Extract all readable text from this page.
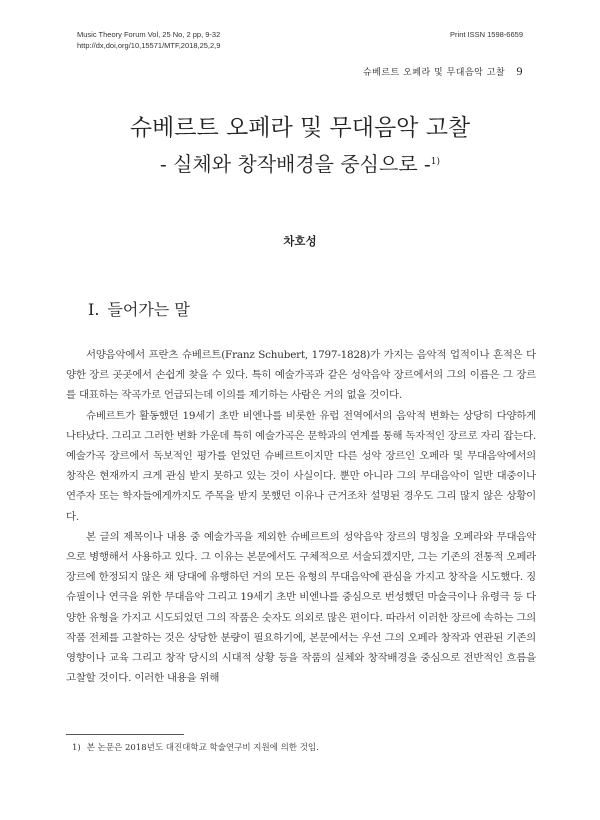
Music Theory Forum Vol, 25 No, 2 pp, 9-32
http://dx,doi,org/10,15571/MTF,2018,25,2,9
Print ISSN 1598-6659
슈베르트 오페라 및 무대음악 고찰 9
슈베르트 오페라 및 무대음악 고찰
- 실체와 창작배경을 중심으로 -$^{1)}$
차호성
I. 들어가는 말

서양음악에서 프란츠 슈베르트(Franz Schubert, 1797-1828)가 가지는 음악적 업적이나 흔적은 다양한 장르 곳곳에서 손쉽게 찾을 수 있다. 특히 예술가곡과 같은 성악음악 장르에서의 그의 이름은 그 장르를 대표하는 작곡가로 언급되는데 이의를 제기하는 사람은 거의 없을 것이다.

슈베르트가 활동했던 19세기 초반 비엔나를 비롯한 유럽 전역에서의 음악적 변화는 상당히 다양하게 나타났다. 그리고 그러한 변화 가운데 특히 예술가곡은 문학과의 연계를 통해 독자적인 장르로 자리 잡는다. 예술가곡 장르에서 독보적인 평가를 얻었던 슈베르트이지만 다른 성악 장르인 오페라 및 무대음악에서의 창작은 현재까지 크게 관심 받지 못하고 있는 것이 사실이다. 뿐만 아니라 그의 무대음악이 일반 대중이나 연주자 또는 학자들에게까지도 주목을 받지 못했던 이유나 근거조차 설명된 경우도 그리 많지 않은 상황이다.

본 글의 제목이나 내용 중 예술가곡을 제외한 슈베르트의 성악음악 장르의 명칭을 오페라와 무대음악으로 병행해서 사용하고 있다. 그 이유는 본문에서도 구체적으로 서술되겠지만, 그는 기존의 전통적 오페라 장르에 한정되지 않은 채 당대에 유행하던 거의 모든 유형의 무대음악에 관심을 가지고 창작을 시도했다. 징슈필이나 연극을 위한 무대음악 그리고 19세기 초반 비엔나를 중심으로 번성했던 마술극이나 유령극 등 다양한 유형을 가지고 시도되었던 그의 작품은 숫자도 의외로 많은 편이다. 따라서 이러한 장르에 속하는 그의 작품 전체를 고찰하는 것은 상당한 분량이 필요하기에, 본문에서는 우선 그의 오페라 창작과 연관된 기존의 영향이나 교육 그리고 창작 당시의 시대적 상황 등을 작품의 실체와 창작배경을 중심으로 전반적인 흐름을 고찰할 것이다. 이러한 내용을 위해

1) 본 논문은 2018년도 대진대학교 학술연구비 지원에 의한 것임.
